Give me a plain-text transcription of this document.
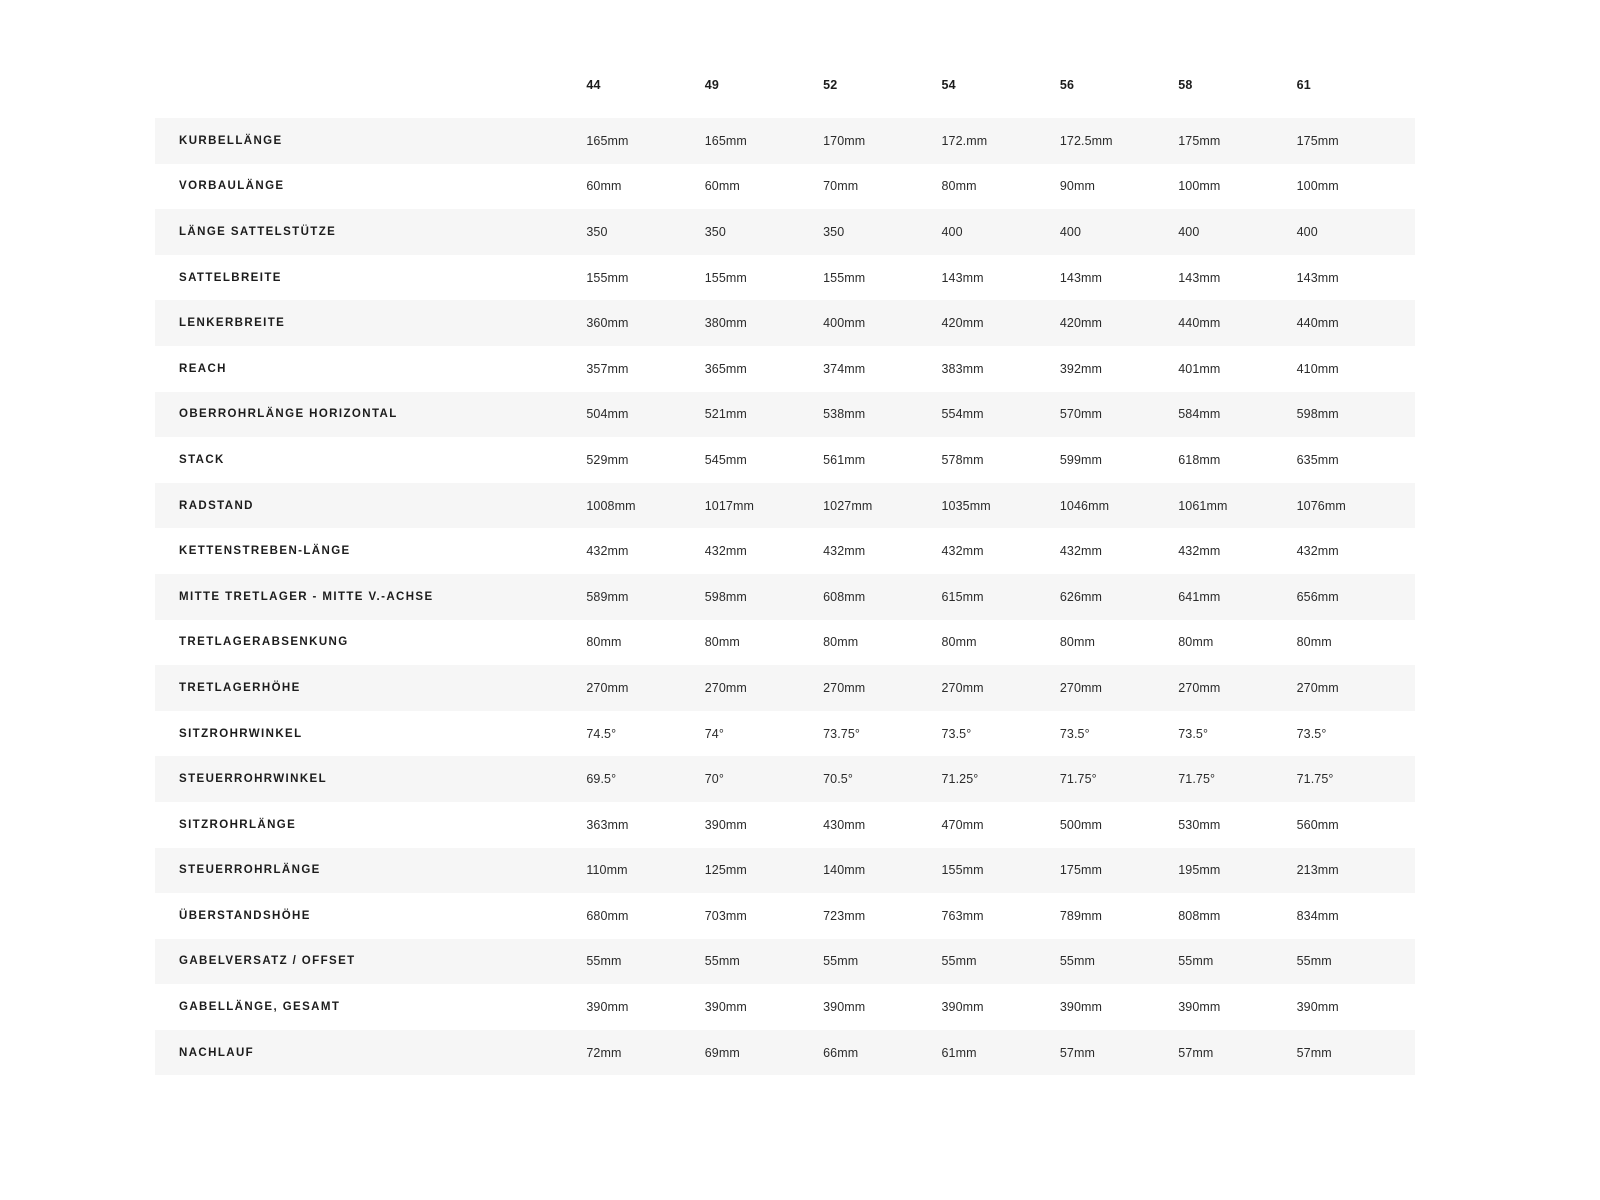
	44	49	52	54	56	58	61
KURBELLÄNGE	165mm	165mm	170mm	172.mm	172.5mm	175mm	175mm
VORBAULÄNGE	60mm	60mm	70mm	80mm	90mm	100mm	100mm
LÄNGE SATTELSTÜTZE	350	350	350	400	400	400	400
SATTELBREITE	155mm	155mm	155mm	143mm	143mm	143mm	143mm
LENKERBREITE	360mm	380mm	400mm	420mm	420mm	440mm	440mm
REACH	357mm	365mm	374mm	383mm	392mm	401mm	410mm
OBERROHRLÄNGE HORIZONTAL	504mm	521mm	538mm	554mm	570mm	584mm	598mm
STACK	529mm	545mm	561mm	578mm	599mm	618mm	635mm
RADSTAND	1008mm	1017mm	1027mm	1035mm	1046mm	1061mm	1076mm
KETTENSTREBEN-LÄNGE	432mm	432mm	432mm	432mm	432mm	432mm	432mm
MITTE TRETLAGER - MITTE V.-ACHSE	589mm	598mm	608mm	615mm	626mm	641mm	656mm
TRETLAGERABSENKUNG	80mm	80mm	80mm	80mm	80mm	80mm	80mm
TRETLAGERHÖHE	270mm	270mm	270mm	270mm	270mm	270mm	270mm
SITZROHRWINKEL	74.5°	74°	73.75°	73.5°	73.5°	73.5°	73.5°
STEUERROHRWINKEL	69.5°	70°	70.5°	71.25°	71.75°	71.75°	71.75°
SITZROHRLÄNGE	363mm	390mm	430mm	470mm	500mm	530mm	560mm
STEUERROHRLÄNGE	110mm	125mm	140mm	155mm	175mm	195mm	213mm
ÜBERSTANDSHÖHE	680mm	703mm	723mm	763mm	789mm	808mm	834mm
GABELVERSATZ / OFFSET	55mm	55mm	55mm	55mm	55mm	55mm	55mm
GABELLÄNGE, GESAMT	390mm	390mm	390mm	390mm	390mm	390mm	390mm
NACHLAUF	72mm	69mm	66mm	61mm	57mm	57mm	57mm
